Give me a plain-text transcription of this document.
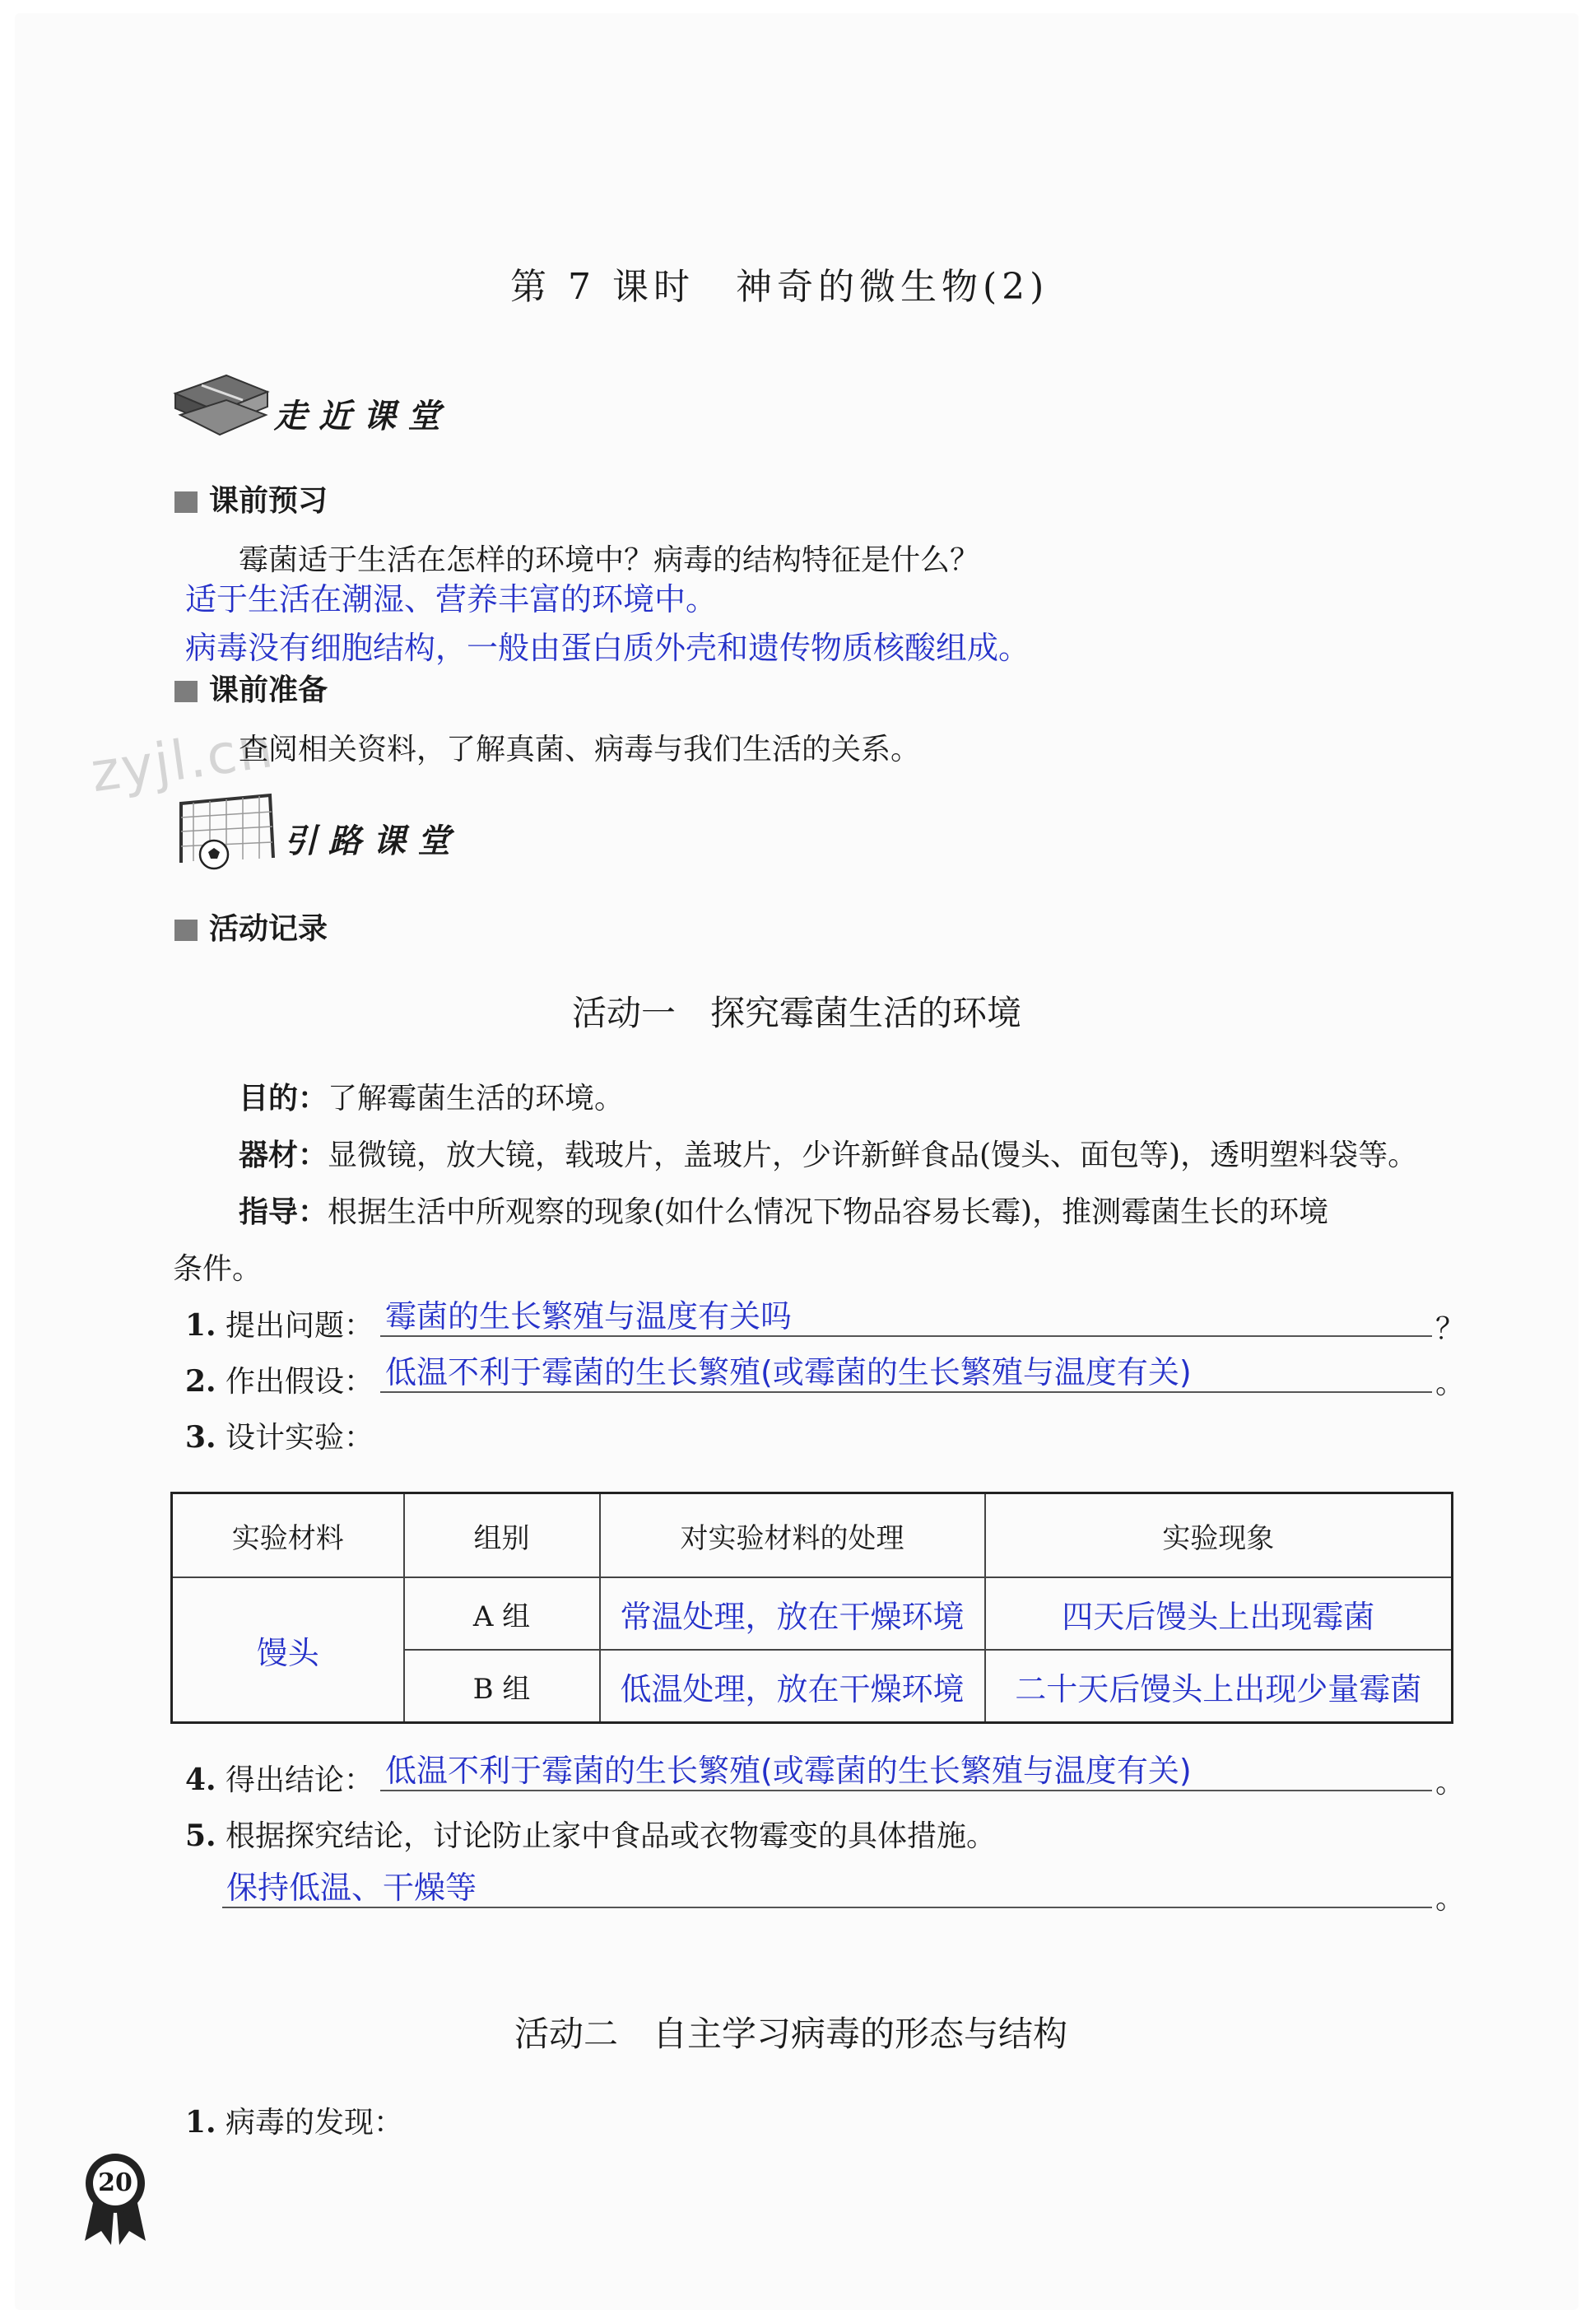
第 7 课时　神奇的微生物(2)
走近课堂
课前预习
霉菌适于生活在怎样的环境中？病毒的结构特征是什么？
适于生活在潮湿、营养丰富的环境中。
病毒没有细胞结构，一般由蛋白质外壳和遗传物质核酸组成。
课前准备
zyjl.cn
查阅相关资料，了解真菌、病毒与我们生活的关系。
引路课堂
活动记录
活动一　探究霉菌生活的环境
目的：了解霉菌生活的环境。
器材：显微镜，放大镜，载玻片，盖玻片，少许新鲜食品(馒头、面包等)，透明塑料袋等。
指导：根据生活中所观察的现象(如什么情况下物品容易长霉)，推测霉菌生长的环境
条件。
1. 提出问题： 霉菌的生长繁殖与温度有关吗	？
2. 作出假设： 低温不利于霉菌的生长繁殖(或霉菌的生长繁殖与温度有关)	。
3. 设计实验：
实验材料	组别	对实验材料的处理	实验现象
馒头	A 组	常温处理，放在干燥环境	四天后馒头上出现霉菌
	B 组	低温处理，放在干燥环境	二十天后馒头上出现少量霉菌
4. 得出结论： 低温不利于霉菌的生长繁殖(或霉菌的生长繁殖与温度有关)	。
5. 根据探究结论，讨论防止家中食品或衣物霉变的具体措施。
保持低温、干燥等	。
活动二　自主学习病毒的形态与结构
1. 病毒的发现：
20
